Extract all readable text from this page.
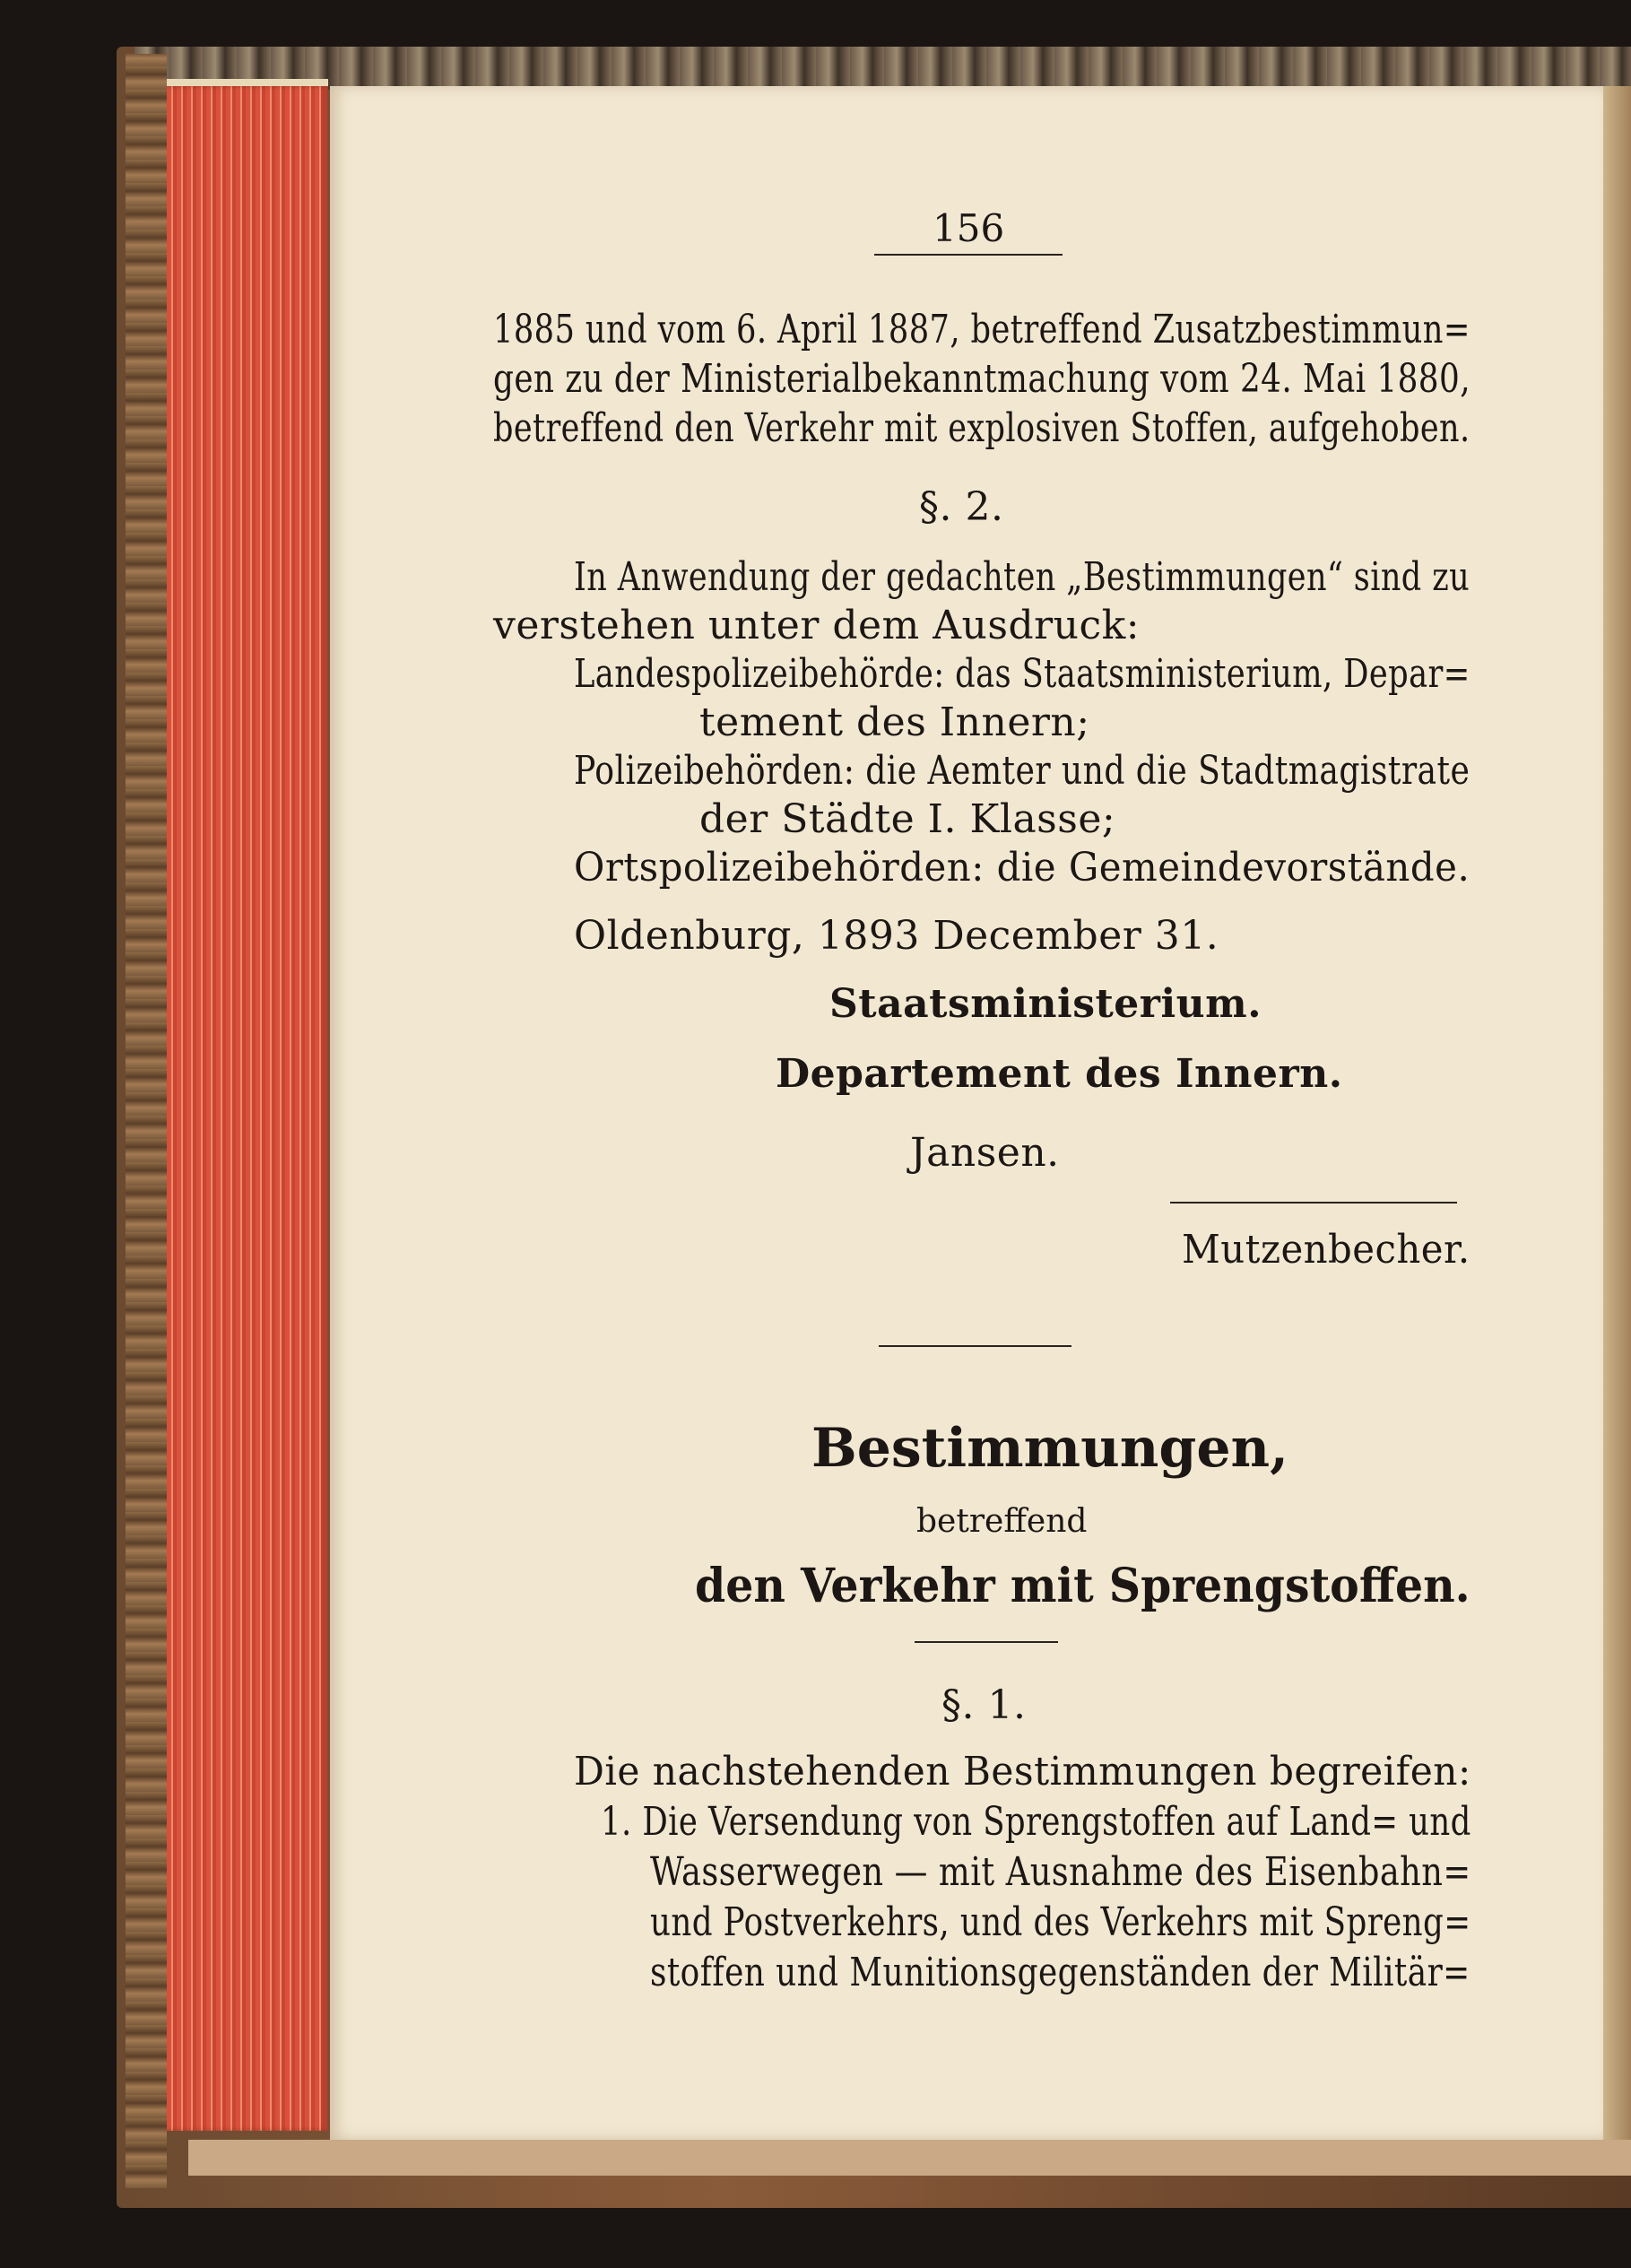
156
1885 und vom 6. April 1887, betreffend Zusatzbestimmun=
gen zu der Ministerialbekanntmachung vom 24. Mai 1880,
betreffend den Verkehr mit explosiven Stoffen, aufgehoben.
§. 2.
In Anwendung der gedachten „Bestimmungen“ sind zu
verstehen unter dem Ausdruck:
Landespolizeibehörde: das Staatsministerium, Depar=
tement des Innern;
Polizeibehörden: die Aemter und die Stadtmagistrate
der Städte I. Klasse;
Ortspolizeibehörden: die Gemeindevorstände.
Oldenburg, 1893 December 31.
Staatsministerium.
Departement des Innern.
Jansen.
Mutzenbecher.
Bestimmungen,
betreffend
den Verkehr mit Sprengstoffen.
§. 1.
Die nachstehenden Bestimmungen begreifen:
1. Die Versendung von Sprengstoffen auf Land= und
Wasserwegen — mit Ausnahme des Eisenbahn=
und Postverkehrs, und des Verkehrs mit Spreng=
stoffen und Munitionsgegenständen der Militär=
